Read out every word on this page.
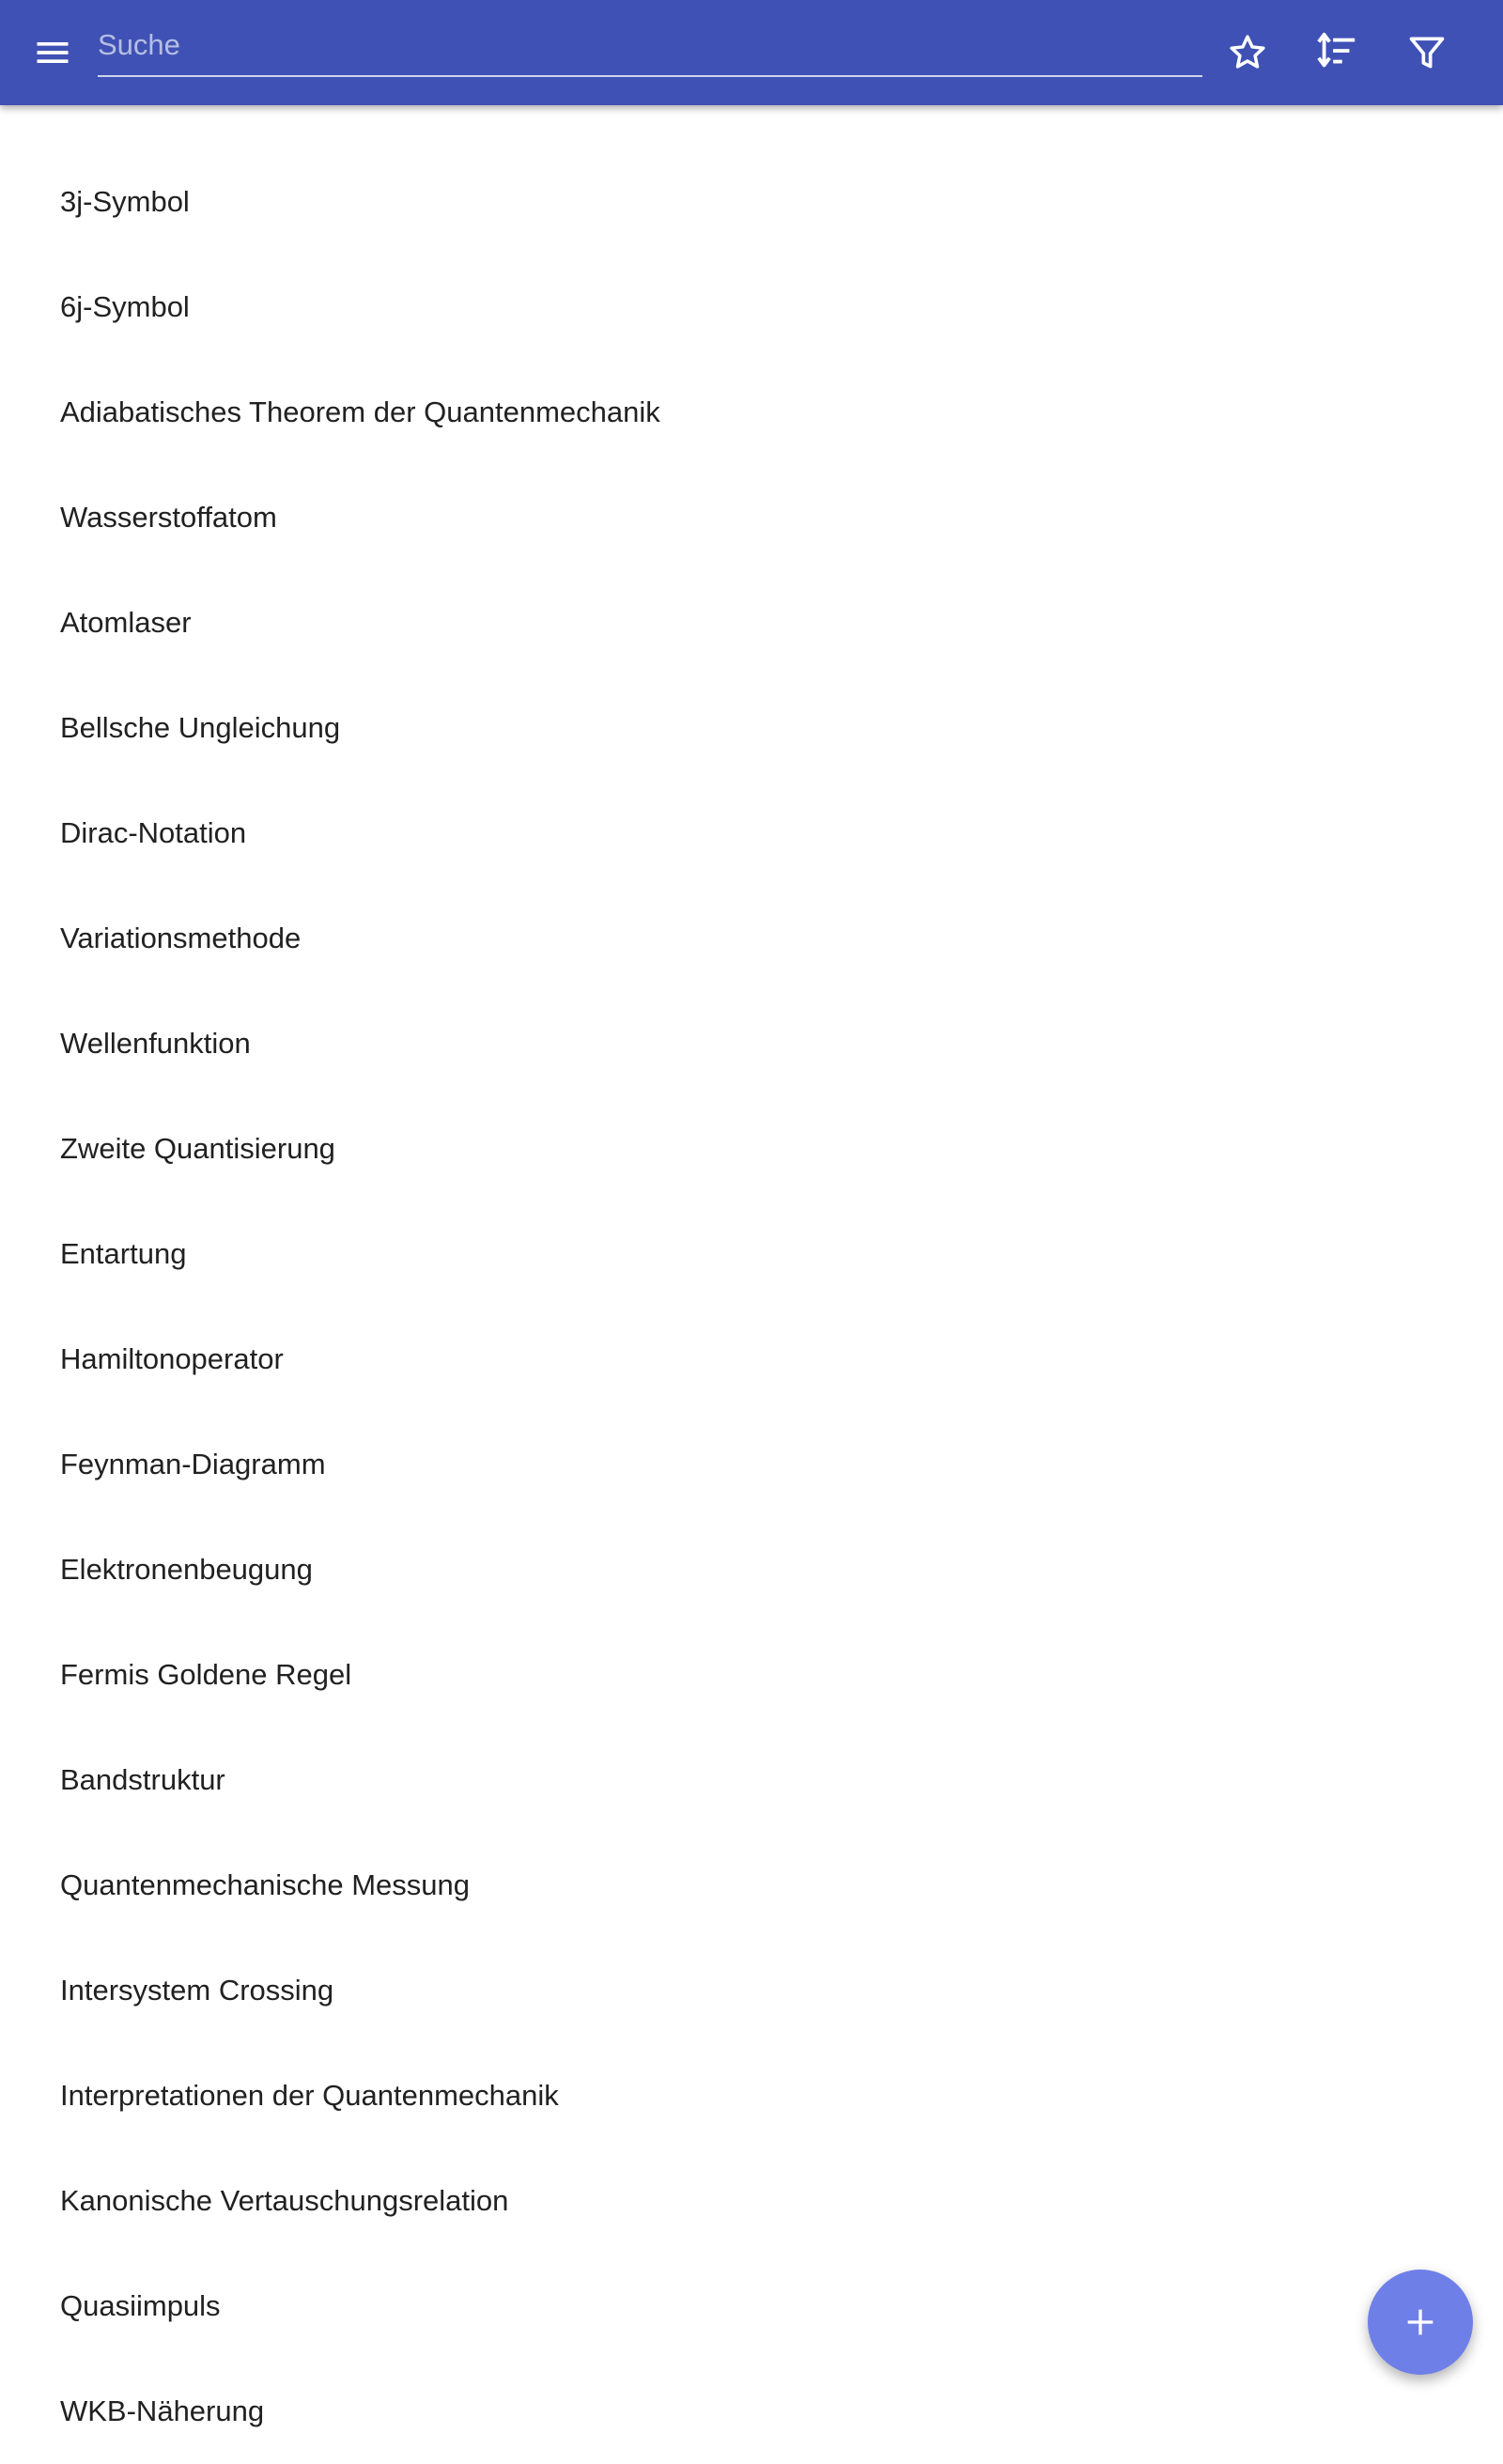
Suche
3j-Symbol
6j-Symbol
Adiabatisches Theorem der Quantenmechanik
Wasserstoffatom
Atomlaser
Bellsche Ungleichung
Dirac-Notation
Variationsmethode
Wellenfunktion
Zweite Quantisierung
Entartung
Hamiltonoperator
Feynman-Diagramm
Elektronenbeugung
Fermis Goldene Regel
Bandstruktur
Quantenmechanische Messung
Intersystem Crossing
Interpretationen der Quantenmechanik
Kanonische Vertauschungsrelation
Quasiimpuls
WKB-Näherung
